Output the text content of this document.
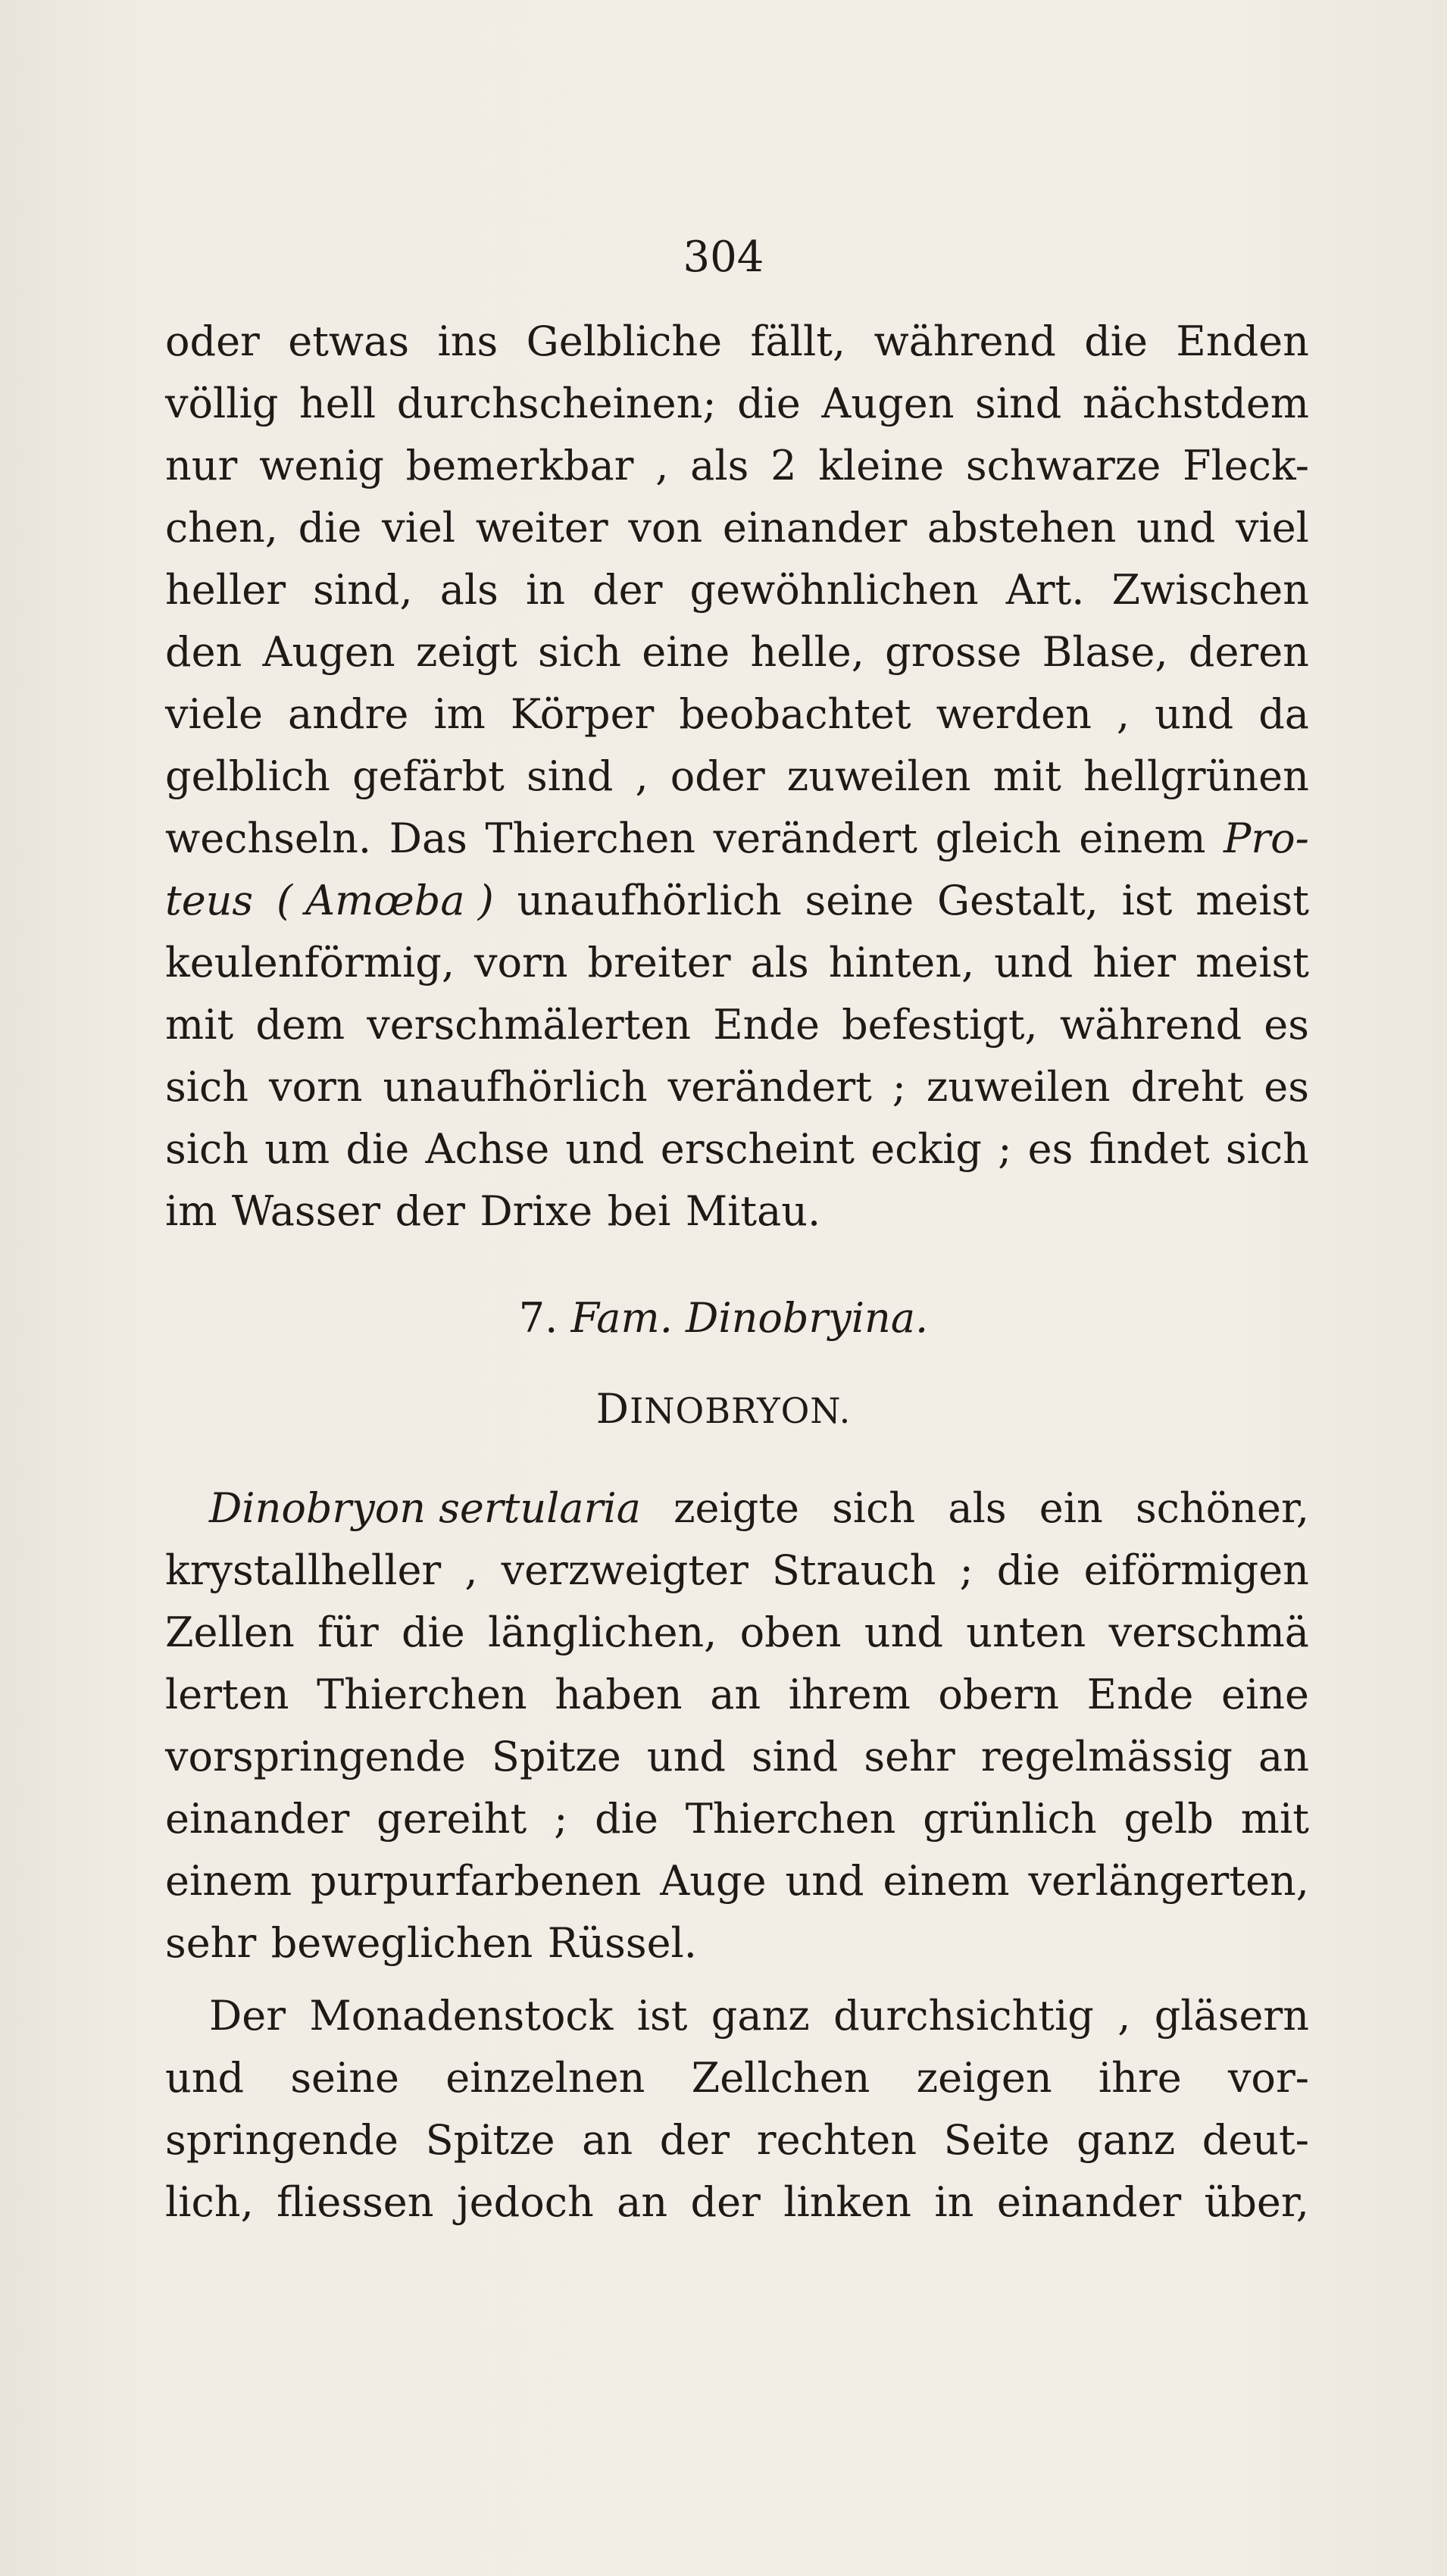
304
oder etwas ins Gelbliche fällt, während die Enden
völlig hell durchscheinen; die Augen sind nächstdem
nur wenig bemerkbar , als 2 kleine schwarze Fleck-
chen, die viel weiter von einander abstehen und viel
heller sind, als in der gewöhnlichen Art. Zwischen
den Augen zeigt sich eine helle, grosse Blase, deren
viele andre im Körper beobachtet werden , und da
gelblich gefärbt sind , oder zuweilen mit hellgrünen
wechseln. Das Thierchen verändert gleich einem Pro-
teus ( Amœba ) unaufhörlich seine Gestalt, ist meist
keulenförmig, vorn breiter als hinten, und hier meist
mit dem verschmälerten Ende befestigt, während es
sich vorn unaufhörlich verändert ; zuweilen dreht es
sich um die Achse und erscheint eckig ; es findet sich
im Wasser der Drixe bei Mitau.
7. Fam. Dinobryina.
DINOBRYON.
Dinobryon sertularia zeigte sich als ein schöner,
krystallheller , verzweigter Strauch ; die eiförmigen
Zellen für die länglichen, oben und unten verschmä
lerten Thierchen haben an ihrem obern Ende eine
vorspringende Spitze und sind sehr regelmässig an
einander gereiht ; die Thierchen grünlich gelb mit
einem purpurfarbenen Auge und einem verlängerten,
sehr beweglichen Rüssel.
Der Monadenstock ist ganz durchsichtig , gläsern
und seine einzelnen Zellchen zeigen ihre vor-
springende Spitze an der rechten Seite ganz deut-
lich, fliessen jedoch an der linken in einander über,
